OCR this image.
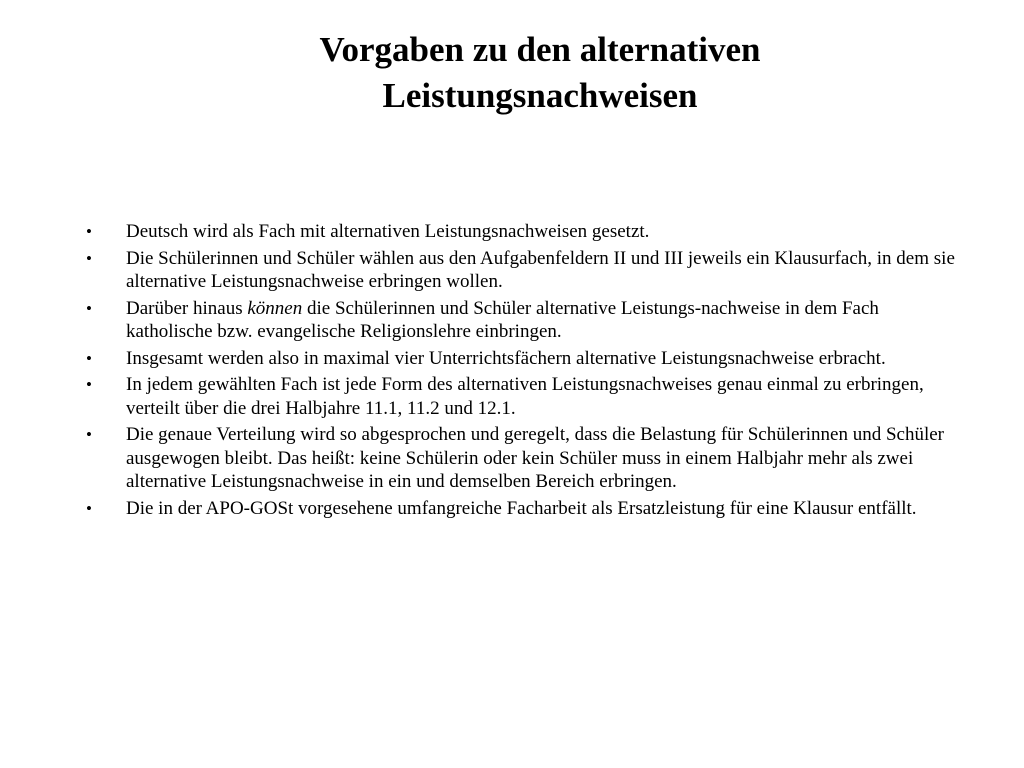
Vorgaben zu den alternativen
Leistungsnachweisen
•	Deutsch wird als Fach mit alternativen Leistungsnachweisen gesetzt.
•	Die Schülerinnen und Schüler wählen aus den Aufgabenfeldern II und III jeweils ein Klausurfach, in dem sie alternative Leistungsnachweise erbringen wollen.
•	Darüber hinaus können die Schülerinnen und Schüler alternative Leistungs-nachweise in dem Fach katholische bzw. evangelische Religionslehre einbringen.
•	Insgesamt werden also in maximal vier Unterrichtsfächern alternative Leistungsnachweise erbracht.
•	In jedem gewählten Fach ist jede Form des alternativen Leistungsnachweises genau einmal zu erbringen, verteilt über die drei Halbjahre 11.1, 11.2 und 12.1.
•	Die genaue Verteilung wird so abgesprochen und geregelt, dass die Belastung für Schülerinnen und Schüler ausgewogen bleibt. Das heißt: keine Schülerin oder kein Schüler muss in einem Halbjahr mehr als zwei alternative Leistungsnachweise in ein und demselben Bereich erbringen.
•	Die in der APO-GOSt vorgesehene umfangreiche Facharbeit als Ersatzleistung für eine Klausur entfällt.
